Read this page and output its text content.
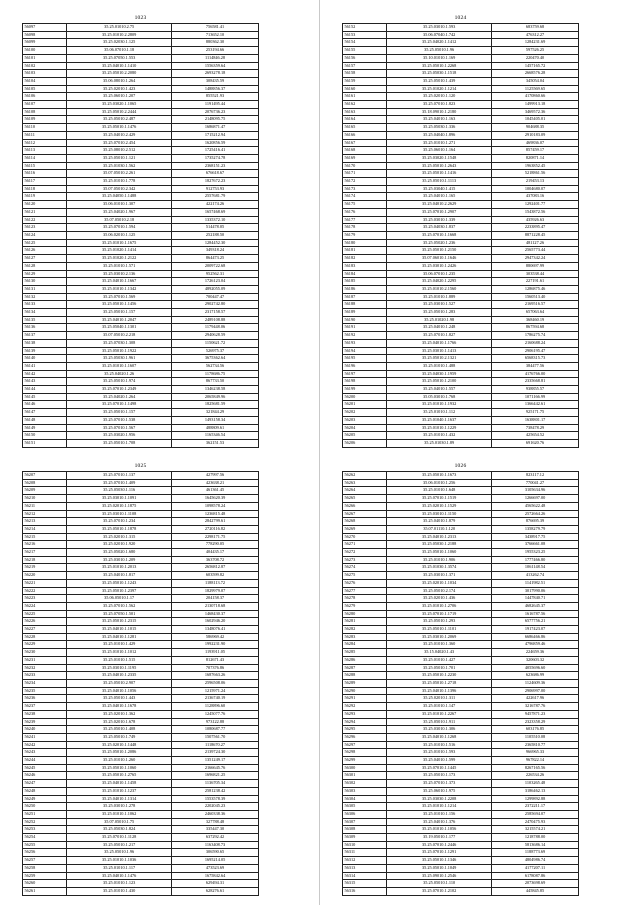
1023
56097	35.25.01010.2.75	756581.41
56098	35.25.01010.2.2809	713652.10
56099	35.25.02030.1.125	880362.30
56100	35.06.07010.1.18	253194.66
56101	35.25.07050.1.553	1114846.28
56102	35.25.04010.1.1410	1556359.64
56103	35.25.05010.2.2080	2693278.18
56104	35.06.08010.1.264	308435.59
56105	35.25.02010.1.423	1488856.37
56106	35.25.06010.1.207	855521.93
56107	35.25.03020.1.1065	1191495.44
56108	35.25.05010.2.2444	2076736.23
56109	35.25.05010.2.487	2148095.75
56110	35.25.05010.1.1476	1686871.47
56111	35.25.04010.2.429	1715212.94
56112	35.25.07010.2.454	1620856.59
56113	35.25.08010.2.512	1725416.41
56114	35.25.05010.1.121	1735274.78
56115	35.25.01030.1.562	2368151.23
56116	35.07.05010.2.261	676618.67
56117	35.25.01010.1.778	1827672.23
56118	35.07.05010.2.342	912753.93
56119	35.25.04050.1.1488	2557681.79
56120	35.06.01010.1.307	422174.26
56121	35.25.04020.1.967	1657468.69
56122	35.07.05010.2.18	1335372.10
56123	35.25.07010.1.594	514478.05
56124	35.06.02010.1.125	252188.50
56125	35.25.01010.1.1675	1284452.30
56126	35.25.01020.1.1414	349318.24
56127	35.25.01020.1.2122	864473.25
56128	35.25.01010.1.571	2009722.68
56129	35.25.03010.2.136	952562.31
56130	35.25.04010.1.1667	1726123.04
56131	35.25.01010.1.1342	4892055.09
56132	35.25.07010.1.569	700447.47
56133	35.25.05010.1.1456	2902742.80
56134	35.25.05010.1.157	2317158.57
56135	35.25.04010.1.2047	2489108.88
56136	35.25.05040.1.1301	1179448.06
56137	35.07.05010.2.218	2940628.59
56138	35.25.07030.1.308	1150621.72
56139	35.25.05010.1.1922	526975.37
56140	35.25.05030.1.961	3675362.64
56141	35.25.01010.1.1607	562734.56
56142	35.25.04020.1.26	1178686.75
56143	35.25.05010.1.974	867733.50
56144	35.25.07010.1.2349	1346238.58
56145	35.25.04020.1.264	2065849.96
56146	35.25.07010.1.1498	1825681.59
56147	35.25.05010.1.157	321844.29
56148	35.25.07010.1.538	1493158.34
56149	35.25.07010.1.567	488809.61
56150	35.25.03020.1.956	1165346.54
56151	35.25.05010.1.708	362151.53
1024
56152	35.25.03010.1.593	683759.68
56153	35.06.07040.1.742	476312.27
56154	35.25.04020.1.1412	1284231.69
56155	35.25.05010.1.96	597526.25
56156	35.10.01010.1.169	220470.40
56157	35.25.05010.1.2268	1457165.72
56158	35.25.05030.1.1518	2668576.28
56159	35.25.05010.1.439	345054.04
56160	35.25.01020.1.1214	1125569.65
56161	35.25.02010.1.120	4170860.66
56162	35.25.07010.1.823	1499913.18
56163	35.18.09010.1.2180	3469572.36
56164	35.25.04010.1.163	1045405.01
56165	35.25.05030.1.336	904688.35
56166	35.25.04040.1.896	2910183.09
56167	35.25.01010.1.271	469836.07
56168	35.25.06010.1.164	857459.17
56169	35.25.03020.1.1548	820871.14
56170	35.25.05010.1.2643	1963852.45
56171	35.25.05010.1.1416	5218861.56
56172	35.25.05010.1.1113	219453.13
56173	35.25.03040.1.415	1004680.07
56174	35.25.04010.1.165	437083.16
56175	35.25.04010.2.2629	1292401.77
56176	35.25.07010.1.2907	1543872.56
56177	35.25.03010.1.339	435926.63
56178	35.25.04030.1.837	2233895.47
56179	35.25.07010.1.1668	8871228.45
56180	35.25.05020.1.236	481127.26
56181	35.25.05010.1.2150	2565773.44
56182	35.07.06010.1.1646	2947342.24
56183	35.25.03010.1.2426	880697.99
56184	35.06.07010.1.235	303538.44
56185	35.25.04020.1.2295	227191.61
56186	35.25.01010.2.1560	1286875.46
56187	35.25.01010.1.889	1560513.40
56188	35.25.03010.1.527	2169516.57
56189	35.25.05010.1.283	657063.64
56190	35.25.01020.1.98	368460.19
56191	35.25.04010.1.248	867594.68
56192	35.25.07010.1.827	1786275.74
56193	35.25.04010.1.1766	2160688.24
56194	35.25.03010.1.1413	2906195.47
56195	35.25.05010.2.1321	6568315.73
56196	35.25.01010.1.488	384477.56
56197	35.25.04030.1.1959	4176766.00
56198	35.25.05010.1.2100	2335668.81
56199	35.25.04010.1.557	938855.57
56200	35.05.03010.1.768	1071166.99
56201	35.25.01010.1.1932	1366442.61
56202	35.25.01010.1.112	925171.75
56203	35.25.01040.1.1637	1638801.17
56204	35.25.01010.1.1229	738478.29
56205	35.25.01010.1.432	425654.52
56206	35.25.01030.1.89	691620.76
1025
56207	35.25.07010.1.137	427997.56
56208	35.25.07010.1.409	423638.21
56209	35.25.05030.1.116	461361.45
56210	35.25.03010.1.1091	1645620.39
56211	35.25.02010.1.1875	1098578.24
56212	35.25.03010.1.1108	1236815.48
56213	35.25.07010.1.234	2842799.61
56214	35.25.05010.1.1878	2720116.82
56215	35.25.02010.1.315	2298171.75
56216	35.25.02010.1.920	778290.05
56217	35.25.05020.1.680	404435.17
56218	35.25.03010.1.209	363708.72
56219	35.25.01010.1.2013	2656812.87
56220	35.25.04010.1.817	603599.82
56221	35.25.05010.1.1243	1188113.72
56222	35.25.05010.1.2397	1829979.07
56223	35.06.05010.1.17	204158.37
56224	35.25.07010.1.562	2130718.68
56225	35.25.07050.1.501	1468430.37
56226	35.25.05010.1.2315	1602946.20
56227	35.25.04010.1.1015	1348076.41
56228	35.25.04010.1.1281	586969.42
56229	35.25.01010.1.429	1992231.90
56230	35.25.01010.1.1012	1193911.05
56231	35.25.01010.1.515	812671.43
56232	35.25.03010.1.1195	707376.86
56233	35.25.04010.1.2335	1687663.26
56234	35.25.05010.2.907	2596508.06
56235	35.25.04010.1.1056	1215971.24
56236	35.25.05010.1.443	2136740.19
56237	35.25.04010.1.1678	1128896.60
56238	35.25.02010.1.362	1245077.76
56239	35.25.02010.1.678	973122.88
56240	35.25.05010.1.408	1080687.77
56241	35.25.05010.1.749	1507561.70
56242	35.25.02010.1.1448	1118670.27
56243	35.25.05010.1.2086	2139724.30
56244	35.25.01010.1.260	1351249.17
56245	35.25.05010.1.1060	2166645.76
56246	35.25.05010.1.2765	1696821.25
56247	35.25.04010.1.1458	1136705.34
56248	35.25.01010.1.1237	2581238.42
56249	35.25.04010.1.1314	1553578.39
56250	35.25.03010.1.278	2202045.23
56251	35.25.01010.1.1062	2460338.36
56252	35.07.05010.1.75	327788.48
56253	35.25.05030.1.824	335447.30
56254	35.25.07010.1.1128	637292.42
56255	35.25.05010.1.217	1163408.73
56256	35.25.05010.1.96	306590.65
56257	35.25.01010.1.1036	1695214.05
56258	35.25.01010.1.117	473523.69
56259	35.25.04010.1.1476	1675842.64
56260	35.25.01010.1.123	629494.31
56261	35.25.01010.1.430	628276.61
1026
56262	35.25.05010.1.1673	823117.12
56263	35.06.01010.1.256	770041.27
56264	35.25.01010.1.648	3105634.96
56265	35.25.07010.1.1519	1266697.00
56266	35.25.02010.1.1529	4565622.48
56267	35.25.03010.1.1150	2572664.26
56268	35.25.04010.1.879	876695.39
56269	35.07.01110.1.120	1358279.79
56270	35.25.04010.1.2313	3438917.75
56271	35.25.05030.1.2188	3766661.08
56272	35.25.05010.1.1060	1955323.25
56273	35.25.01010.1.906	1777466.80
56274	35.25.01030.1.3574	1061148.54
56275	35.25.03010.1.371	413262.74
56276	35.25.02010.1.1034	1141982.51
56277	35.25.05010.2.174	3017990.06
56278	35.25.02010.1.436	1447840.71
56279	35.25.01010.1.2706	4682645.37
56280	35.25.07010.1.1719	1616787.56
56281	35.25.05010.1.293	6577756.21
56282	35.25.05010.1.1101	1917423.07
56283	35.25.03010.1.2069	6686466.86
56284	35.25.01010.1.360	4796859.46
56285	35.15.04020.1.43	224659.36
56286	35.25.01010.1.427	320603.32
56287	35.25.05010.1.701	4055696.60
56288	35.25.05010.1.2230	623686.99
56289	35.25.05010.1.2718	1124609.36
56290	35.25.04010.1.1396	2906997.00
56291	35.25.02010.1.311	422617.96
56292	35.25.01010.1.147	3216787.76
56293	35.25.01010.1.2267	9457871.23
56294	35.25.05010.1.911	2323358.29
56295	35.25.03010.1.306	603176.85
56296	35.25.04010.1.1268	1105510.08
56297	35.25.01010.1.516	2365810.77
56298	35.25.01010.1.593	966965.33
56299	35.25.04010.1.599	967822.14
56300	35.25.07010.1.1445	8267165.56
56301	35.25.05010.1.173	226534.26
56302	35.25.07010.1.373	1103265.48
56303	35.25.06010.1.975	3186462.13
56304	35.25.03030.1.2208	1299892.88
56305	35.25.01010.1.1214	2372211.17
56306	35.25.01010.1.156	2585694.07
56307	35.25.04010.1.376	2470475.93
56308	35.25.01010.1.1056	3215574.21
56309	35.19.05010.1.177	1218788.00
56310	35.25.07010.1.2446	5813686.14
56311	35.25.07010.1.1291	1188773.69
56312	35.25.05010.1.1346	4804986.74
56313	35.25.05010.1.1049	4177207.11
56314	35.25.09010.1.2546	6178087.86
56315	35.25.05010.1.110	2073698.69
56316	35.25.07010.1.2102	445845.85
